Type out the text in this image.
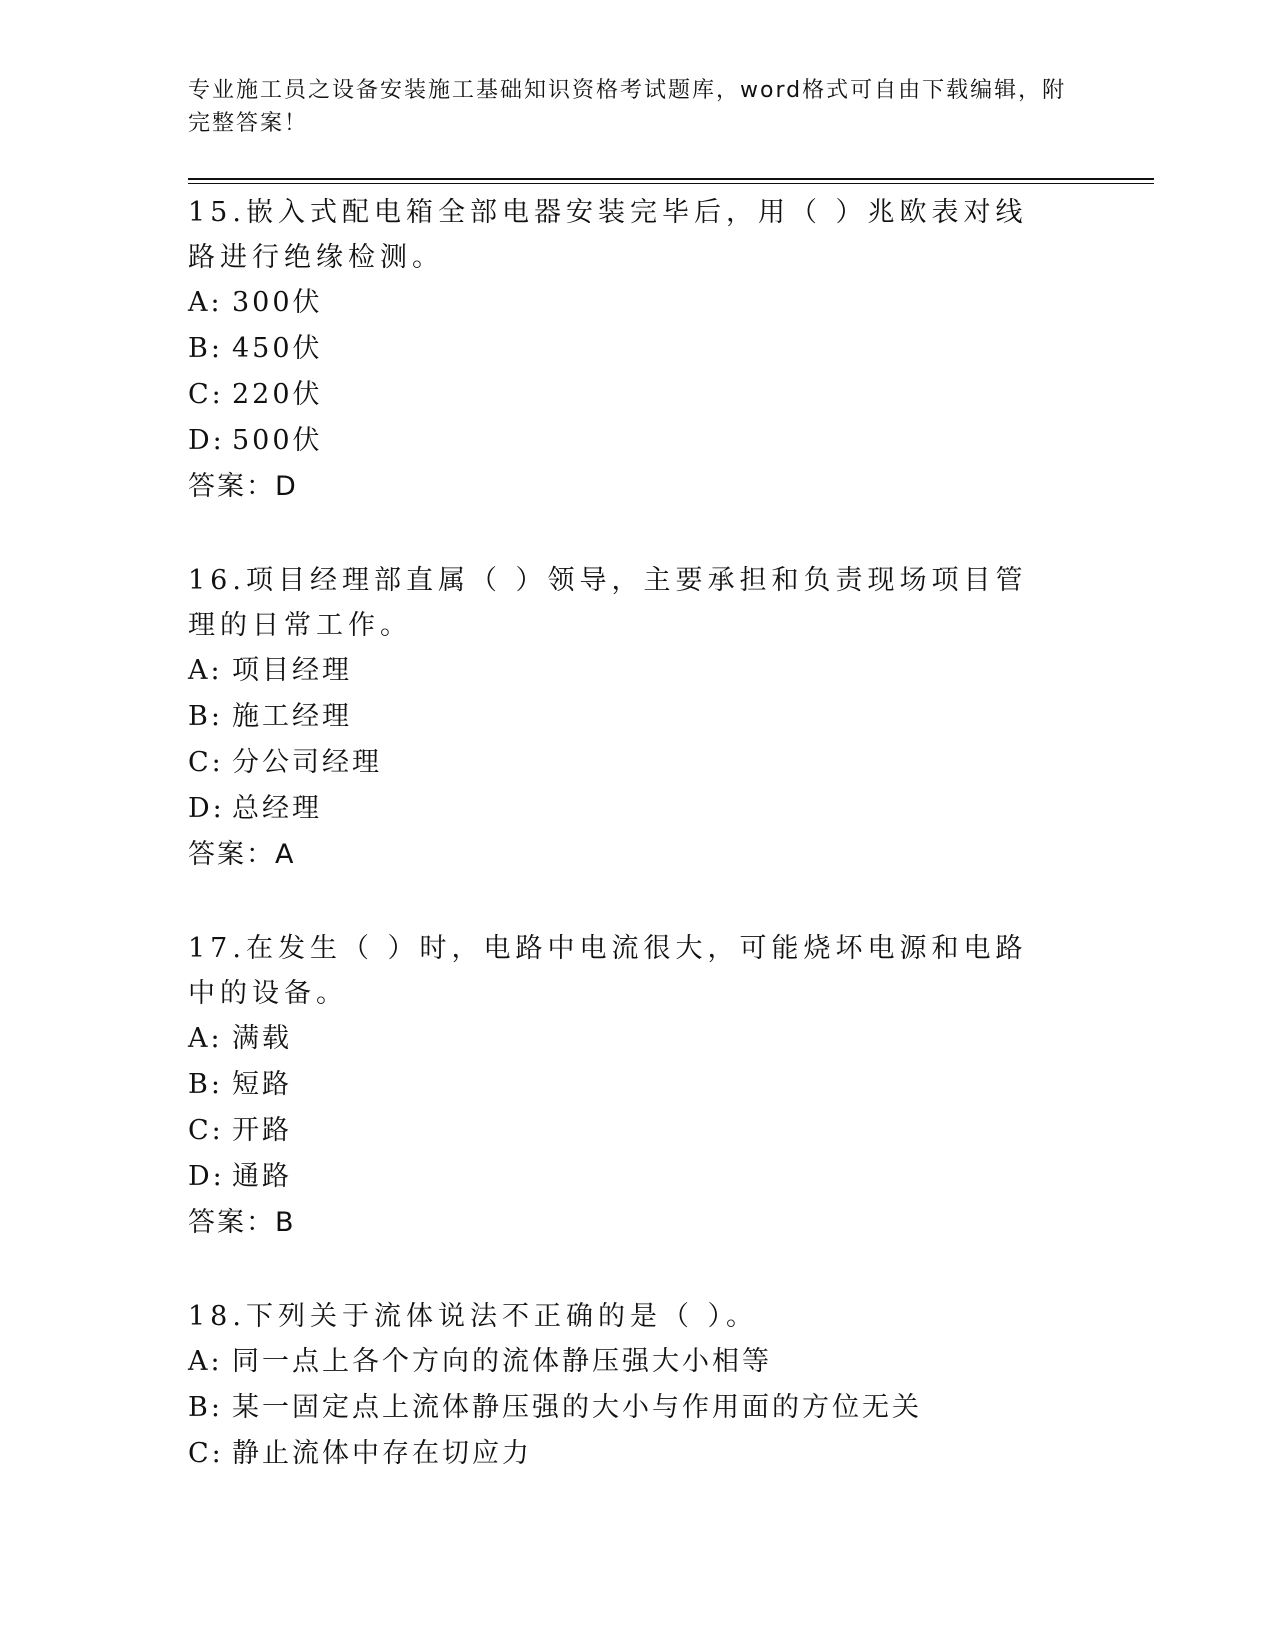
专业施工员之设备安装施工基础知识资格考试题库，word格式可自由下载编辑，附完整答案！

15.嵌入式配电箱全部电器安装完毕后，用（ ）兆欧表对线路进行绝缘检测。

A: 300伏

B: 450伏

C: 220伏

D: 500伏

答案：D

16.项目经理部直属（ ）领导，主要承担和负责现场项目管理的日常工作。

A: 项目经理

B: 施工经理

C: 分公司经理

D: 总经理

答案：A

17.在发生（ ）时，电路中电流很大，可能烧坏电源和电路中的设备。

A: 满载

B: 短路

C: 开路

D: 通路

答案：B

18.下列关于流体说法不正确的是（ ）。

A: 同一点上各个方向的流体静压强大小相等

B: 某一固定点上流体静压强的大小与作用面的方位无关

C: 静止流体中存在切应力
